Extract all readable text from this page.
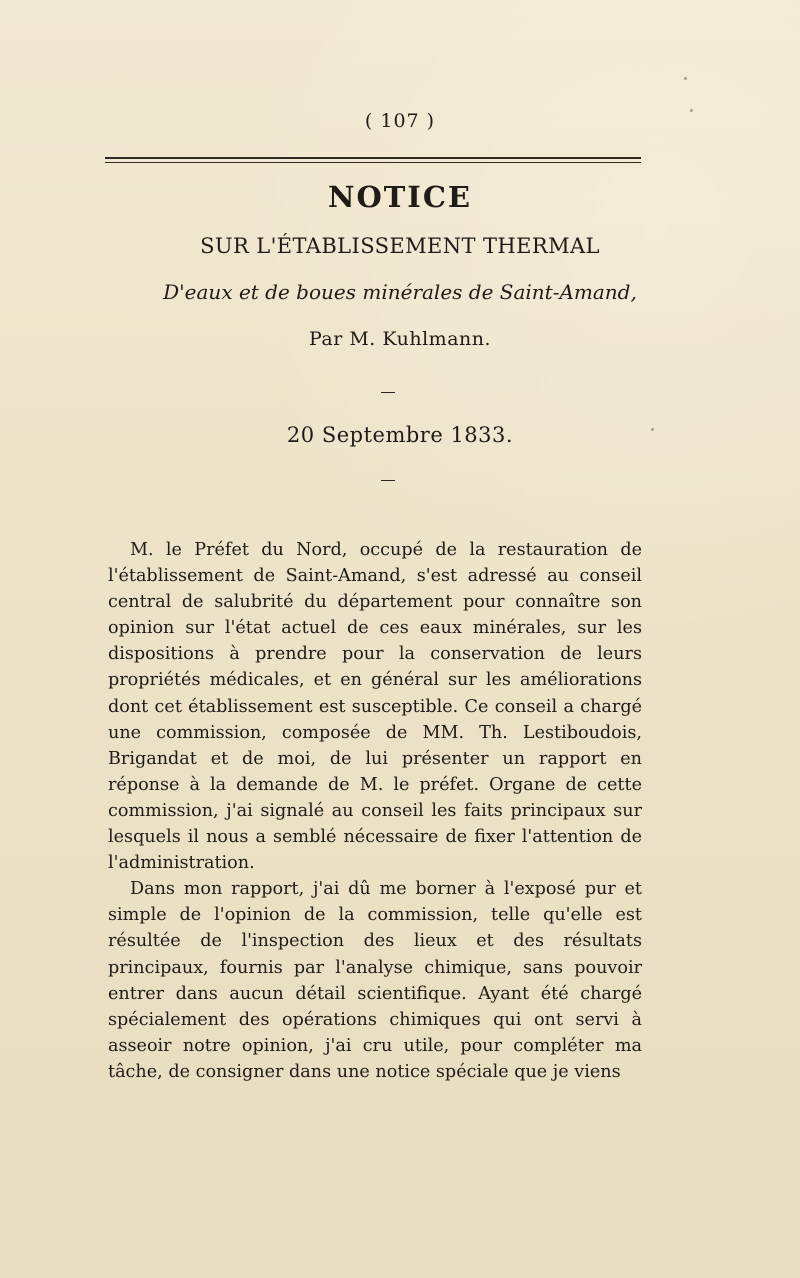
( 107 )
NOTICE
SUR L'ÉTABLISSEMENT THERMAL
D'eaux et de boues minérales de Saint-Amand,
Par M. Kuhlmann.
20 Septembre 1833.

M. le Préfet du Nord, occupé de la restauration de l'établissement de Saint-Amand, s'est adressé au conseil central de salubrité du département pour connaître son opinion sur l'état actuel de ces eaux minérales, sur les dispositions à prendre pour la conservation de leurs propriétés médicales, et en général sur les améliorations dont cet établissement est susceptible. Ce conseil a chargé une commission, composée de MM. Th. Lestiboudois, Brigandat et de moi, de lui présenter un rapport en réponse à la demande de M. le préfet. Organe de cette commission, j'ai signalé au conseil les faits principaux sur lesquels il nous a semblé nécessaire de fixer l'attention de l'administration.

Dans mon rapport, j'ai dû me borner à l'exposé pur et simple de l'opinion de la commission, telle qu'elle est résultée de l'inspection des lieux et des résultats principaux, fournis par l'analyse chimique, sans pouvoir entrer dans aucun détail scientifique. Ayant été chargé spécialement des opérations chimiques qui ont servi à asseoir notre opinion, j'ai cru utile, pour compléter ma tâche, de consigner dans une notice spéciale que je viens
